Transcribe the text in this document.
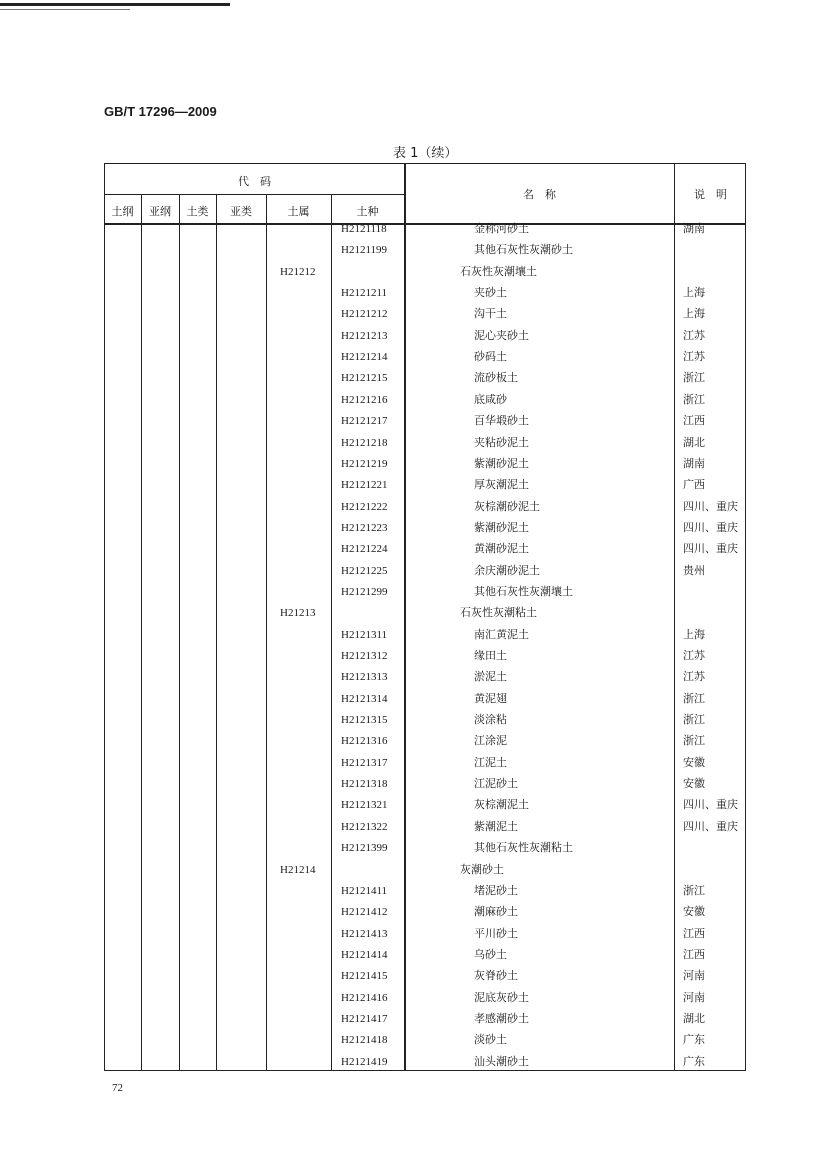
GB/T 17296—2009
表 1（续）
代　码
土纲	亚纲	土类	亚类	土属	土种
名　称	说　明
H2121118	金称河砂土	湖南
H2121199	其他石灰性灰潮砂土
H21212	石灰性灰潮壤土
H2121211	夹砂土	上海
H2121212	沟干土	上海
H2121213	泥心夹砂土	江苏
H2121214	砂码土	江苏
H2121215	流砂板土	浙江
H2121216	底咸砂	浙江
H2121217	百华塅砂土	江西
H2121218	夹粘砂泥土	湖北
H2121219	紫潮砂泥土	湖南
H2121221	厚灰潮泥土	广西
H2121222	灰棕潮砂泥土	四川、重庆
H2121223	紫潮砂泥土	四川、重庆
H2121224	黄潮砂泥土	四川、重庆
H2121225	余庆潮砂泥土	贵州
H2121299	其他石灰性灰潮壤土
H21213	石灰性灰潮粘土
H2121311	南汇黄泥土	上海
H2121312	缘田土	江苏
H2121313	淤泥土	江苏
H2121314	黄泥翅	浙江
H2121315	淡涂粘	浙江
H2121316	江涂泥	浙江
H2121317	江泥土	安徽
H2121318	江泥砂土	安徽
H2121321	灰棕潮泥土	四川、重庆
H2121322	紫潮泥土	四川、重庆
H2121399	其他石灰性灰潮粘土
H21214	灰潮砂土
H2121411	堵泥砂土	浙江
H2121412	潮麻砂土	安徽
H2121413	平川砂土	江西
H2121414	乌砂土	江西
H2121415	灰脊砂土	河南
H2121416	泥底灰砂土	河南
H2121417	孝感潮砂土	湖北
H2121418	淡砂土	广东
H2121419	汕头潮砂土	广东
72
